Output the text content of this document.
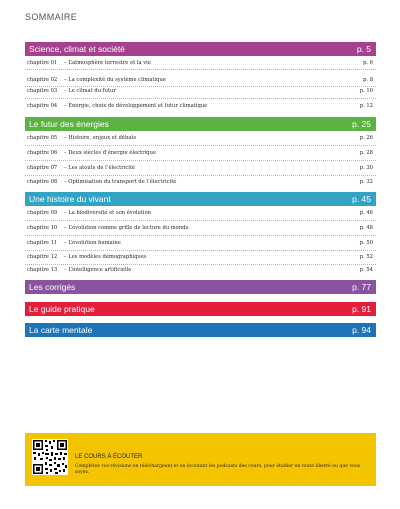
SOMMAIRE
Science, climat et société	p. 5
chapitre 01 – L’atmosphère terrestre et la vie	p. 6
chapitre 02 – La complexité du système climatique	p. 8
chapitre 03 – Le climat du futur	p. 10
chapitre 04 – Énergie, choix de développement et futur climatique	p. 12
Le futur des énergies	p. 25
chapitre 05 – Histoire, enjeux et débats	p. 26
chapitre 06 – Deux siècles d’énergie électrique	p. 28
chapitre 07 – Les atouts de l’électricité	p. 30
chapitre 08 – Optimisation du transport de l’électricité	p. 32
Une histoire du vivant	p. 45
chapitre 09 – La biodiversité et son évolution	p. 46
chapitre 10 – L’évolution comme grille de lecture du monde	p. 48
chapitre 11 – L’évolution humaine	p. 50
chapitre 12 – Les modèles démographiques	p. 52
chapitre 13 – L’intelligence artificielle	p. 54
Les corrigés	p. 77
Le guide pratique	p. 91
La carte mentale	p. 94
LE COURS À ÉCOUTER
Complétez vos révisions en téléchargeant et en écoutant les podcasts des cours, pour étudier en toute liberté ou que vous soyez.
